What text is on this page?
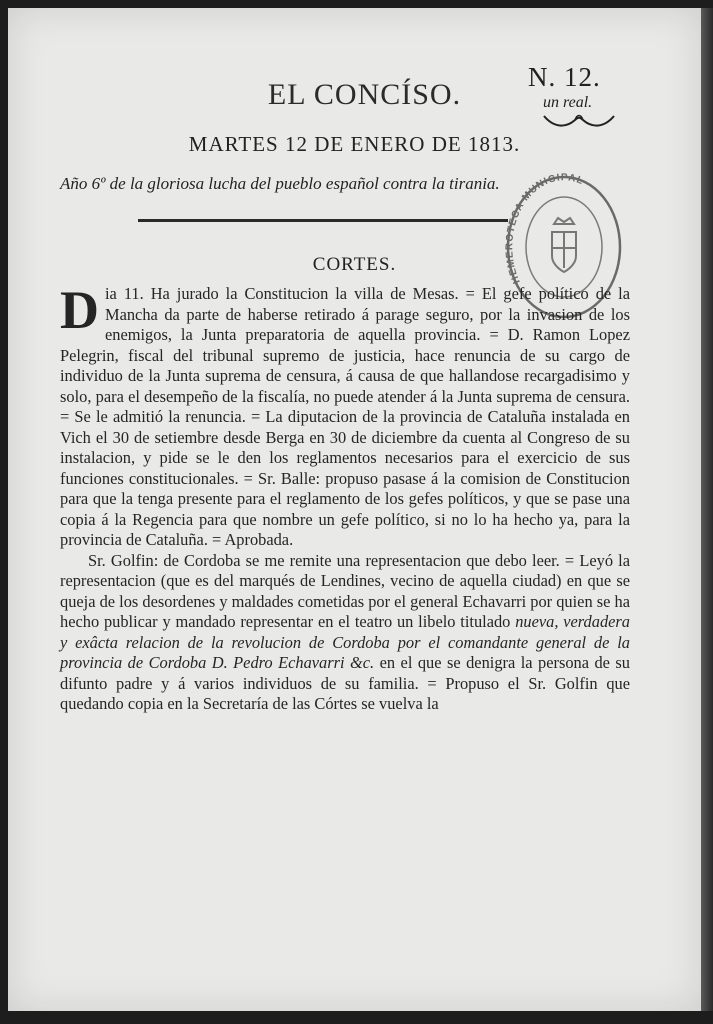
EL CONCÍSO.
N. 12.
un real.
MARTES 12 DE ENERO DE 1813.
Año 6º de la gloriosa lucha del pueblo español contra la tirania.
HEMEROTECA MUNICIPAL
CORTES.

Dia 11. Ha jurado la Constitucion la villa de Mesas. = El gefe político de la Mancha da parte de haberse retirado á parage seguro, por la invasion de los enemigos, la Junta preparatoria de aquella provincia. = D. Ramon Lopez Pelegrin, fiscal del tribunal supremo de justicia, hace renuncia de su cargo de individuo de la Junta suprema de censura, á causa de que hallandose recargadisimo y solo, para el desempeño de la fiscalía, no puede atender á la Junta suprema de censura. = Se le admitió la renuncia. = La diputacion de la provincia de Cataluña instalada en Vich el 30 de setiembre desde Berga en 30 de diciembre da cuenta al Congreso de su instalacion, y pide se le den los reglamentos necesarios para el exercicio de sus funciones constitucionales. = Sr. Balle: propuso pasase á la comision de Constitucion para que la tenga presente para el reglamento de los gefes políticos, y que se pase una copia á la Regencia para que nombre un gefe político, si no lo ha hecho ya, para la provincia de Cataluña. = Aprobada.

Sr. Golfin: de Cordoba se me remite una representacion que debo leer. = Leyó la representacion (que es del marqués de Lendines, vecino de aquella ciudad) en que se queja de los desordenes y maldades cometidas por el general Echavarri por quien se ha hecho publicar y mandado representar en el teatro un libelo titulado nueva, verdadera y exâcta relacion de la revolucion de Cordoba por el comandante general de la provincia de Cordoba D. Pedro Echavarri &c. en el que se denigra la persona de su difunto padre y á varios individuos de su familia. = Propuso el Sr. Golfin que quedando copia en la Secretaría de las Córtes se vuelva la
